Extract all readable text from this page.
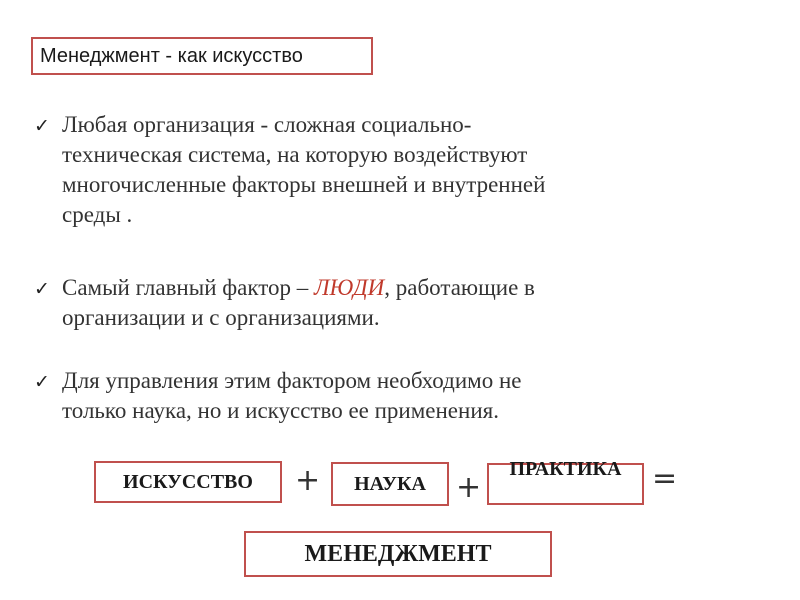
Менеджмент - как искусство
✓ Любая организация - сложная социально-
техническая система, на которую воздействуют
многочисленные факторы внешней и внутренней
среды .
✓ Самый главный фактор – ЛЮДИ, работающие в
организации и с организациями.
✓ Для управления этим фактором необходимо не
только наука, но и искусство ее применения.
ИСКУССТВО	+	НАУКА	+
ПРАКТИКА =
МЕНЕДЖМЕНТ
